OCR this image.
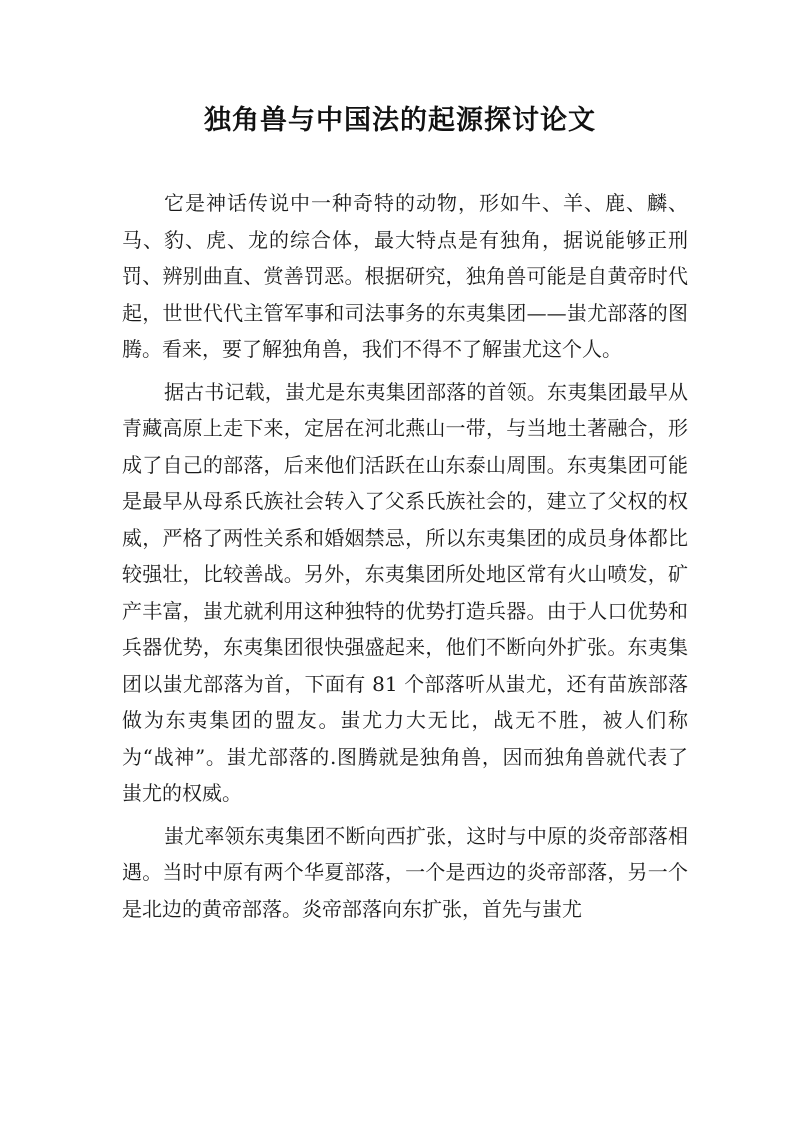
独角兽与中国法的起源探讨论文

它是神话传说中一种奇特的动物，形如牛、羊、鹿、麟、马、豹、虎、龙的综合体，最大特点是有独角，据说能够正刑罚、辨别曲直、赏善罚恶。根据研究，独角兽可能是自黄帝时代起，世世代代主管军事和司法事务的东夷集团——蚩尤部落的图腾。看来，要了解独角兽，我们不得不了解蚩尤这个人。

据古书记载，蚩尤是东夷集团部落的首领。东夷集团最早从青藏高原上走下来，定居在河北燕山一带，与当地土著融合，形成了自己的部落，后来他们活跃在山东泰山周围。东夷集团可能是最早从母系氏族社会转入了父系氏族社会的，建立了父权的权威，严格了两性关系和婚姻禁忌，所以东夷集团的成员身体都比较强壮，比较善战。另外，东夷集团所处地区常有火山喷发，矿产丰富，蚩尤就利用这种独特的优势打造兵器。由于人口优势和兵器优势，东夷集团很快强盛起来，他们不断向外扩张。东夷集团以蚩尤部落为首，下面有 81 个部落听从蚩尤，还有苗族部落做为东夷集团的盟友。蚩尤力大无比，战无不胜，被人们称为“战神”。蚩尤部落的.图腾就是独角兽，因而独角兽就代表了蚩尤的权威。

蚩尤率领东夷集团不断向西扩张，这时与中原的炎帝部落相遇。当时中原有两个华夏部落，一个是西边的炎帝部落，另一个是北边的黄帝部落。炎帝部落向东扩张，首先与蚩尤
